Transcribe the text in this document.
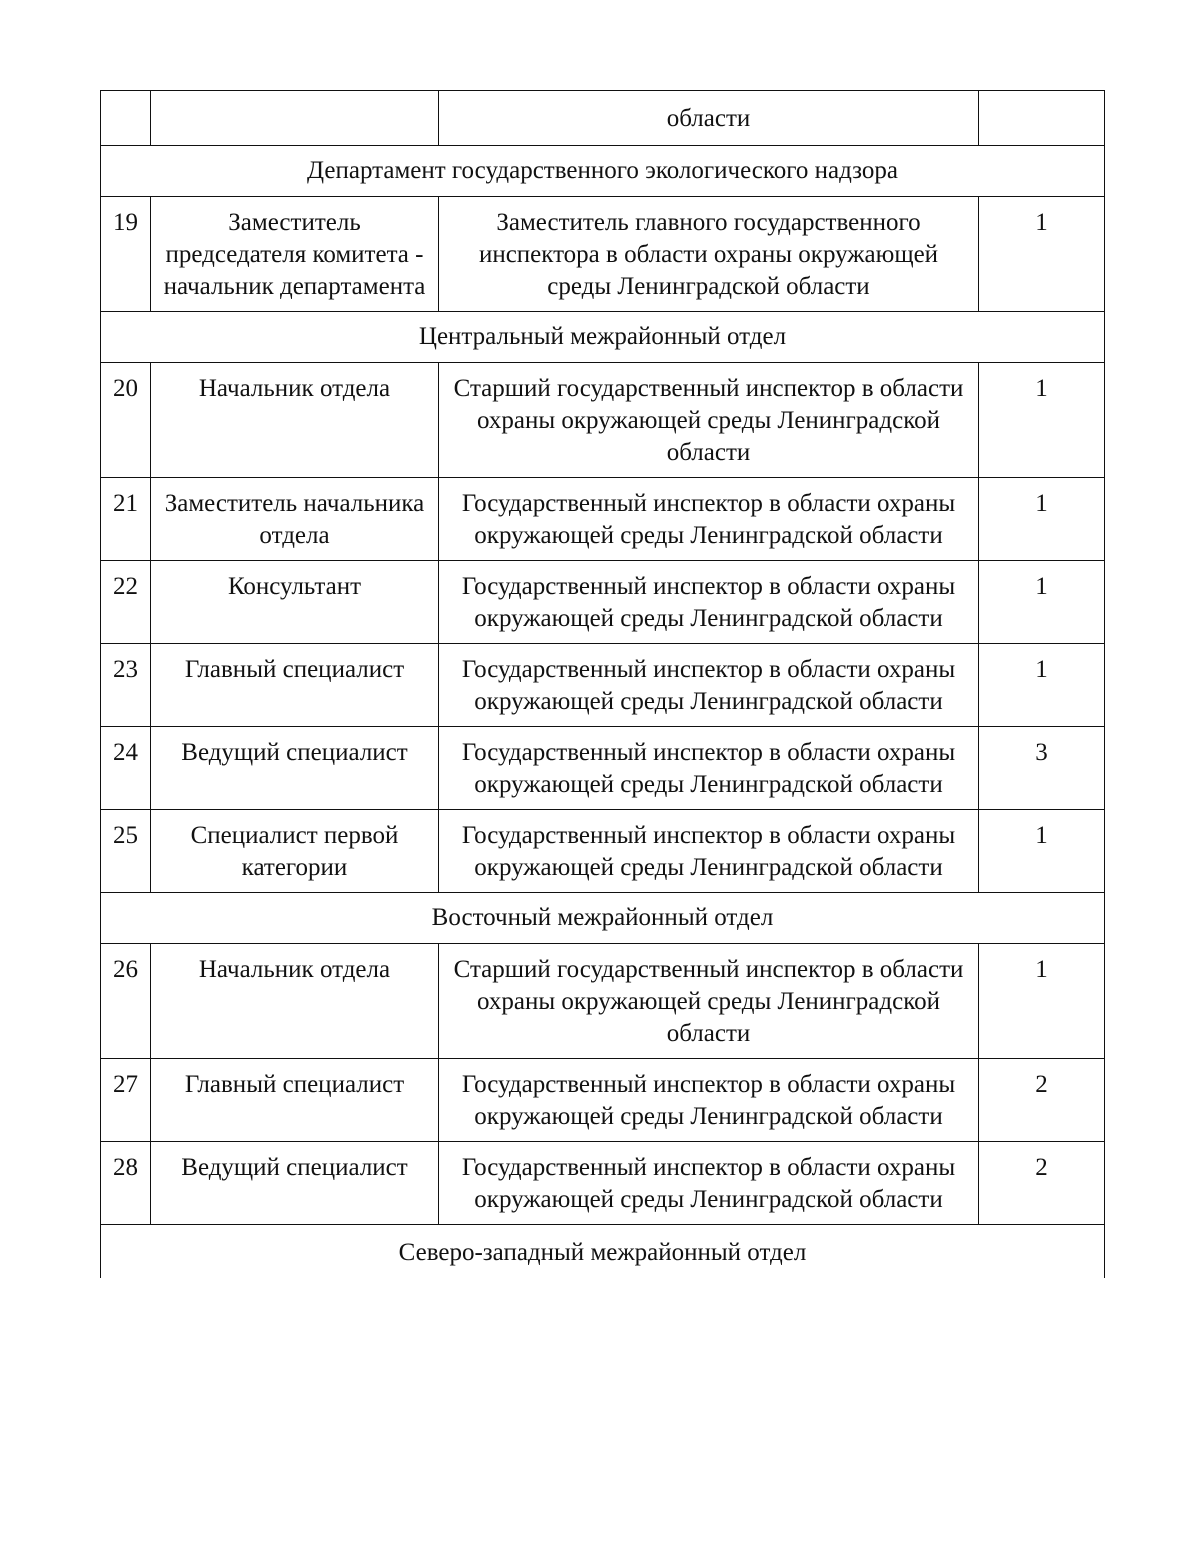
		области	
Департамент государственного экологического надзора			
19	Заместитель председателя комитета - начальник департамента	Заместитель главного государственного инспектора в области охраны окружающей среды Ленинградской области	1
Центральный межрайонный отдел			
20	Начальник отдела	Старший государственный инспектор в области охраны окружающей среды Ленинградской области	1
21	Заместитель начальника отдела	Государственный инспектор в области охраны окружающей среды Ленинградской области	1
22	Консультант	Государственный инспектор в области охраны окружающей среды Ленинградской области	1
23	Главный специалист	Государственный инспектор в области охраны окружающей среды Ленинградской области	1
24	Ведущий специалист	Государственный инспектор в области охраны окружающей среды Ленинградской области	3
25	Специалист первой категории	Государственный инспектор в области охраны окружающей среды Ленинградской области	1
Восточный межрайонный отдел			
26	Начальник отдела	Старший государственный инспектор в области охраны окружающей среды Ленинградской области	1
27	Главный специалист	Государственный инспектор в области охраны окружающей среды Ленинградской области	2
28	Ведущий специалист	Государственный инспектор в области охраны окружающей среды Ленинградской области	2
Северо-западный межрайонный отдел			
